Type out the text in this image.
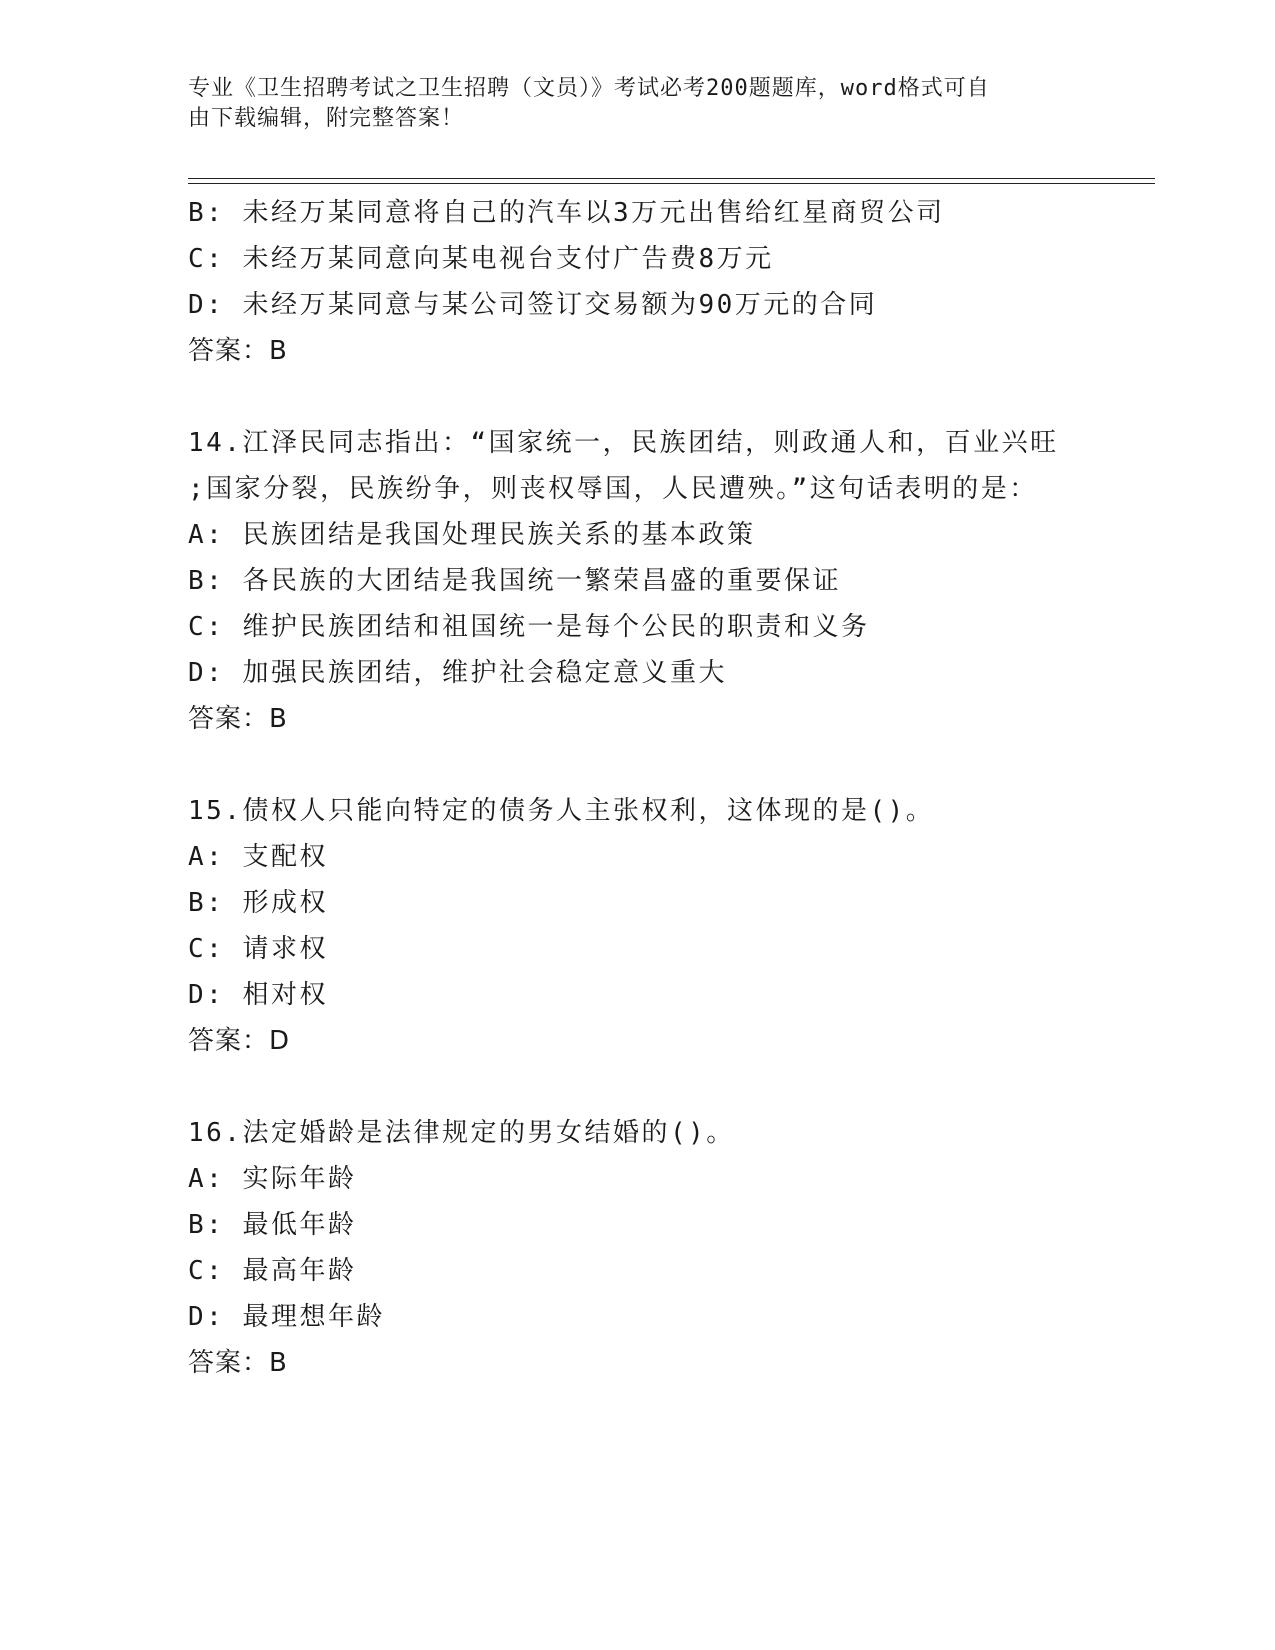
专业《卫生招聘考试之卫生招聘（文员）》考试必考200题题库，word格式可自
由下载编辑，附完整答案！
B: 未经万某同意将自己的汽车以3万元出售给红星商贸公司
C: 未经万某同意向某电视台支付广告费8万元
D: 未经万某同意与某公司签订交易额为90万元的合同
答案：B
14.江泽民同志指出：“国家统一，民族团结，则政通人和，百业兴旺
;国家分裂，民族纷争，则丧权辱国，人民遭殃。”这句话表明的是：
A: 民族团结是我国处理民族关系的基本政策
B: 各民族的大团结是我国统一繁荣昌盛的重要保证
C: 维护民族团结和祖国统一是每个公民的职责和义务
D: 加强民族团结，维护社会稳定意义重大
答案：B
15.债权人只能向特定的债务人主张权利，这体现的是()。
A: 支配权
B: 形成权
C: 请求权
D: 相对权
答案：D
16.法定婚龄是法律规定的男女结婚的()。
A: 实际年龄
B: 最低年龄
C: 最高年龄
D: 最理想年龄
答案：B
